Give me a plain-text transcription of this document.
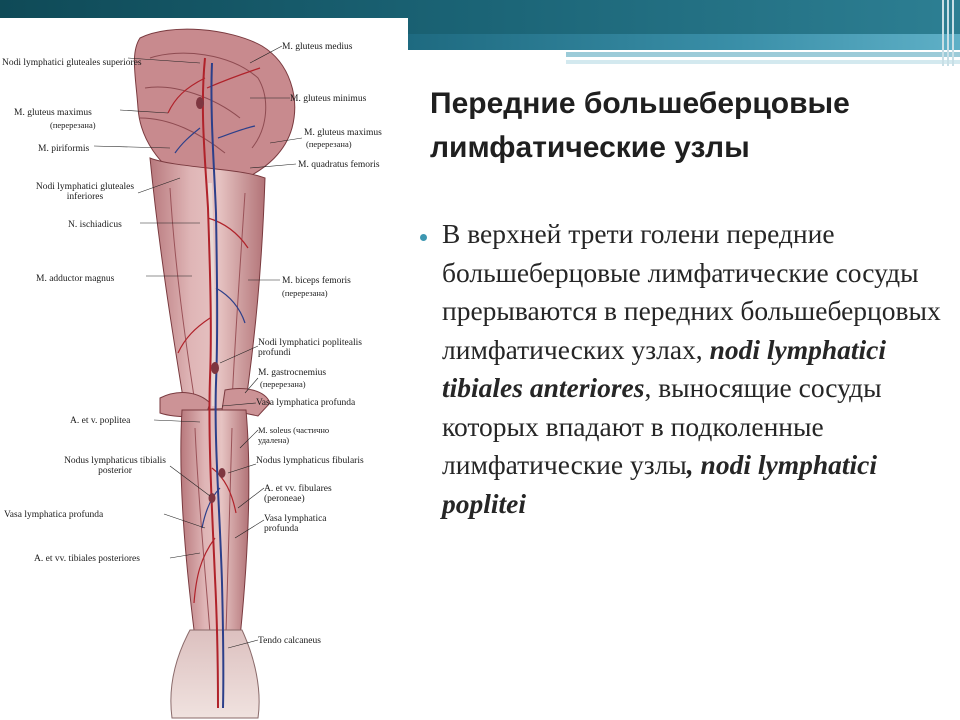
Nodi lymphatici gluteales superiores
M. gluteus maximus
(перерезана)
M. piriformis
Nodi lymphatici gluteales inferiores
N. ischiadicus
M. adductor magnus
A. et v. poplitea
Nodus lymphaticus tibialis posterior
Vasa lymphatica profunda
A. et vv. tibiales posteriores
M. gluteus medius
M. gluteus minimus
M. gluteus maximus
(перерезана)
M. quadratus femoris
M. biceps femoris
(перерезана)
Nodi lymphatici poplitealis profundi
M. gastrocnemius
(перерезана)
Vasa lymphatica profunda
M. soleus (частично удалена)
Nodus lymphaticus fibularis
A. et vv. fibulares (peroneae)
Vasa lymphatica profunda
Tendo calcaneus
Передние большеберцовые лимфатические узлы
В верхней трети голени передние большеберцовые лимфатические сосуды прерываются в передних большеберцовых лимфатических узлах, nodi lymphatici tibiales anteriores, выносящие сосуды которых впадают в подколенные лимфатические узлы, nodi lymphatici poplitei
